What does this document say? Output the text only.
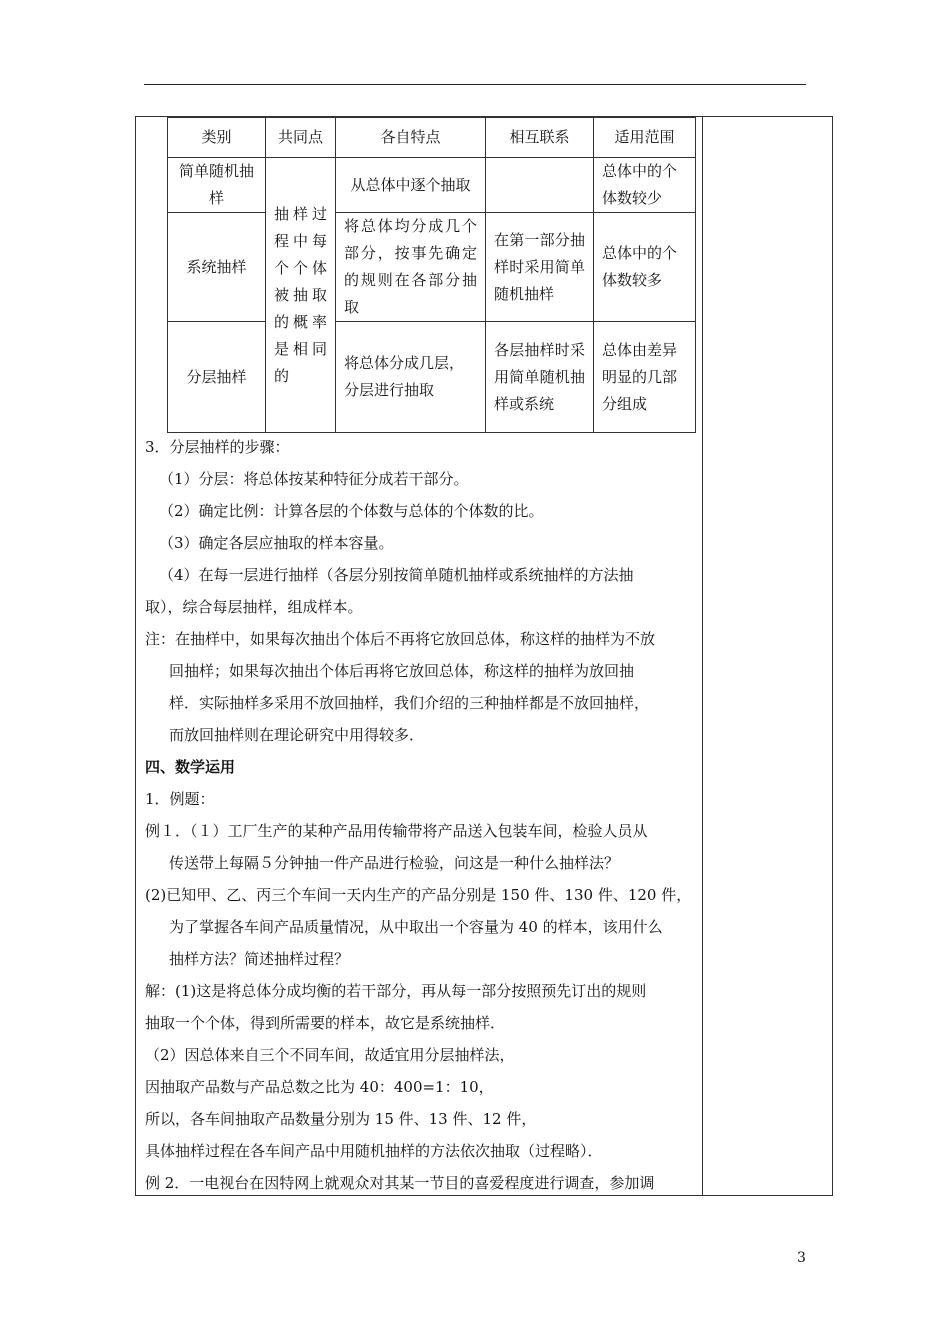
类别	共同点	各自特点	相互联系	适用范围
简单随机抽样	抽样过程中每个个体被抽取的概率是相同的	从总体中逐个抽取		总体中的个体数较少
系统抽样		将总体均分成几个部分，按事先确定的规则在各部分抽取	在第一部分抽样时采用简单随机抽样	总体中的个体数较多
分层抽样		将总体分成几层，分层进行抽取	各层抽样时采用简单随机抽样或系统	总体由差异明显的几部分组成
3．分层抽样的步骤：
（1）分层：将总体按某种特征分成若干部分。
（2）确定比例：计算各层的个体数与总体的个体数的比。
（3）确定各层应抽取的样本容量。
（4）在每一层进行抽样（各层分别按简单随机抽样或系统抽样的方法抽
取），综合每层抽样，组成样本。
注：在抽样中，如果每次抽出个体后不再将它放回总体，称这样的抽样为不放
回抽样；如果每次抽出个体后再将它放回总体，称这样的抽样为放回抽
样．实际抽样多采用不放回抽样，我们介绍的三种抽样都是不放回抽样，
而放回抽样则在理论研究中用得较多．
四、数学运用
1．例题：
例１．（１）工厂生产的某种产品用传输带将产品送入包装车间，检验人员从
传送带上每隔５分钟抽一件产品进行检验，问这是一种什么抽样法？
(2)已知甲、乙、丙三个车间一天内生产的产品分别是 150 件、130 件、120 件，
为了掌握各车间产品质量情况，从中取出一个容量为 40 的样本，该用什么
抽样方法？简述抽样过程？
解：(1)这是将总体分成均衡的若干部分，再从每一部分按照预先订出的规则
抽取一个个体，得到所需要的样本，故它是系统抽样．
（2）因总体来自三个不同车间，故适宜用分层抽样法，
因抽取产品数与产品总数之比为 40：400=1：10，
所以，各车间抽取产品数量分别为 15 件、13 件、12 件，
具体抽样过程在各车间产品中用随机抽样的方法依次抽取（过程略）．
例 2．一电视台在因特网上就观众对其某一节目的喜爱程度进行调查，参加调
3
